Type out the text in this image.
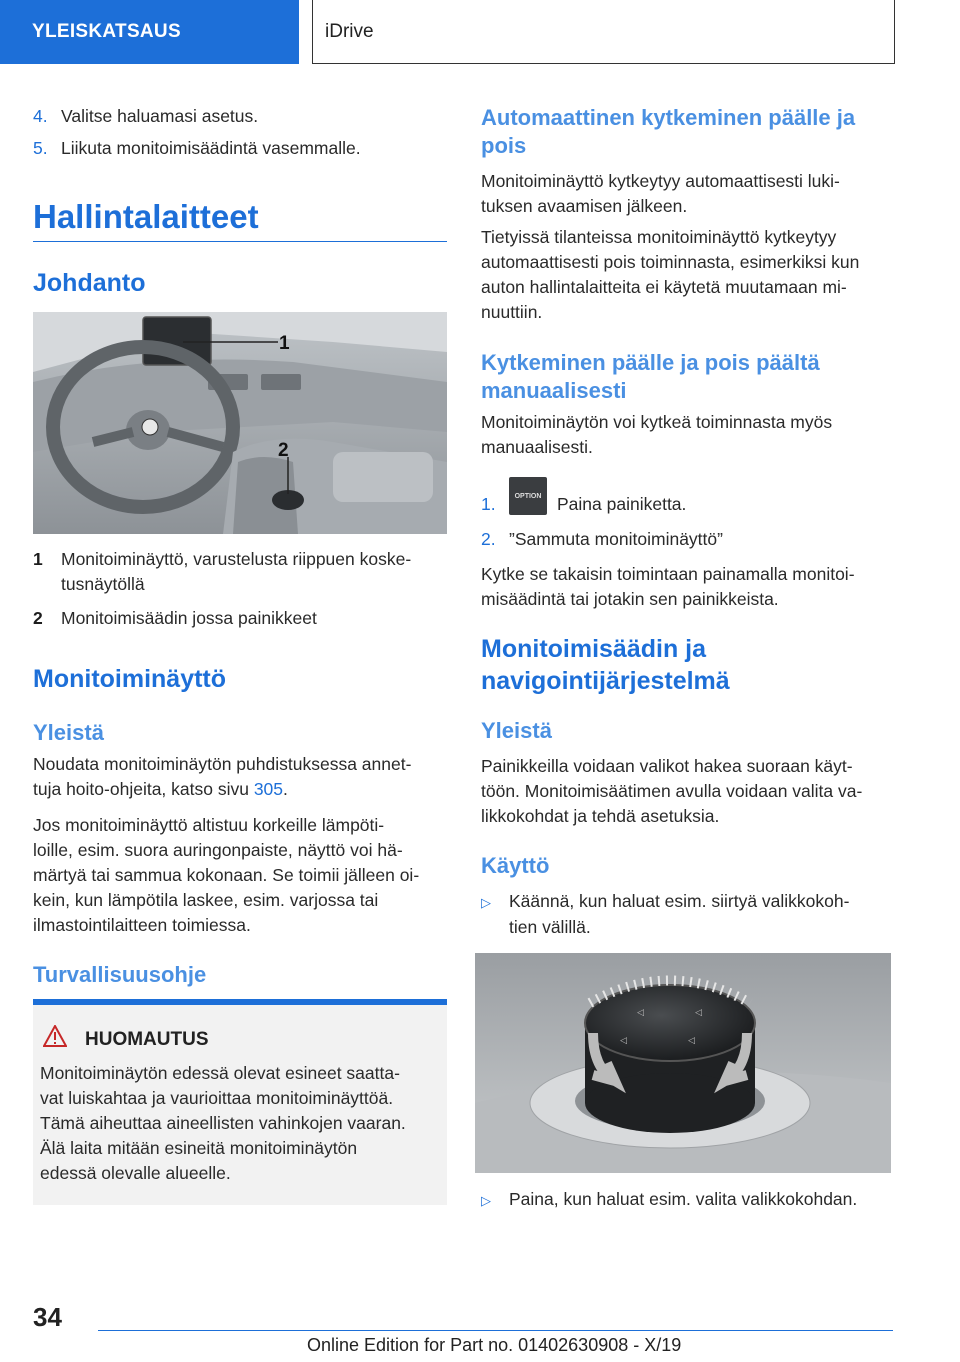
YLEISKATSAUS	iDrive
4. Valitse haluamasi asetus.
5. Liikuta monitoimisäädintä vasemmalle.
Hallintalaitteet
Johdanto
1
2
1 Monitoiminäyttö, varustelusta riippuen koske-
tusnäytöllä
2 Monitoimisäädin jossa painikkeet
Monitoiminäyttö
Yleistä
Noudata monitoiminäytön puhdistuksessa annet-
tuja hoito-ohjeita, katso sivu 305.
Jos monitoiminäyttö altistuu korkeille lämpöti-
loille, esim. suora auringonpaiste, näyttö voi hä-
märtyä tai sammua kokonaan. Se toimii jälleen oi-
kein, kun lämpötila laskee, esim. varjossa tai
ilmastointilaitteen toimiessa.
Turvallisuusohje
HUOMAUTUS
Monitoiminäytön edessä olevat esineet saatta-
vat luiskahtaa ja vaurioittaa monitoiminäyttöä.
Tämä aiheuttaa aineellisten vahinkojen vaaran.
Älä laita mitään esineitä monitoiminäytön
edessä olevalle alueelle.
Automaattinen kytkeminen päälle ja
pois
Monitoiminäyttö kytkeytyy automaattisesti luki-
tuksen avaamisen jälkeen.
Tietyissä tilanteissa monitoiminäyttö kytkeytyy
automaattisesti pois toiminnasta, esimerkiksi kun
auton hallintalaitteita ei käytetä muutamaan mi-
nuuttiin.
Kytkeminen päälle ja pois päältä
manuaalisesti
Monitoiminäytön voi kytkeä toiminnasta myös
manuaalisesti.
1.	OPTION Paina painiketta.
2. ”Sammuta monitoiminäyttö”
Kytke se takaisin toimintaan painamalla monitoi-
misäädintä tai jotakin sen painikkeista.
Monitoimisäädin ja
navigointijärjestelmä
Yleistä
Painikkeilla voidaan valikot hakea suoraan käyt-
töön. Monitoimisäätimen avulla voidaan valita va-
likkokohdat ja tehdä asetuksia.
Käyttö
▷ Käännä, kun haluat esim. siirtyä valikkokoh-
tien välillä.
◁	◁
◁	◁
▷ Paina, kun haluat esim. valita valikkokohdan.
34
Online Edition for Part no. 01402630908 - X/19
